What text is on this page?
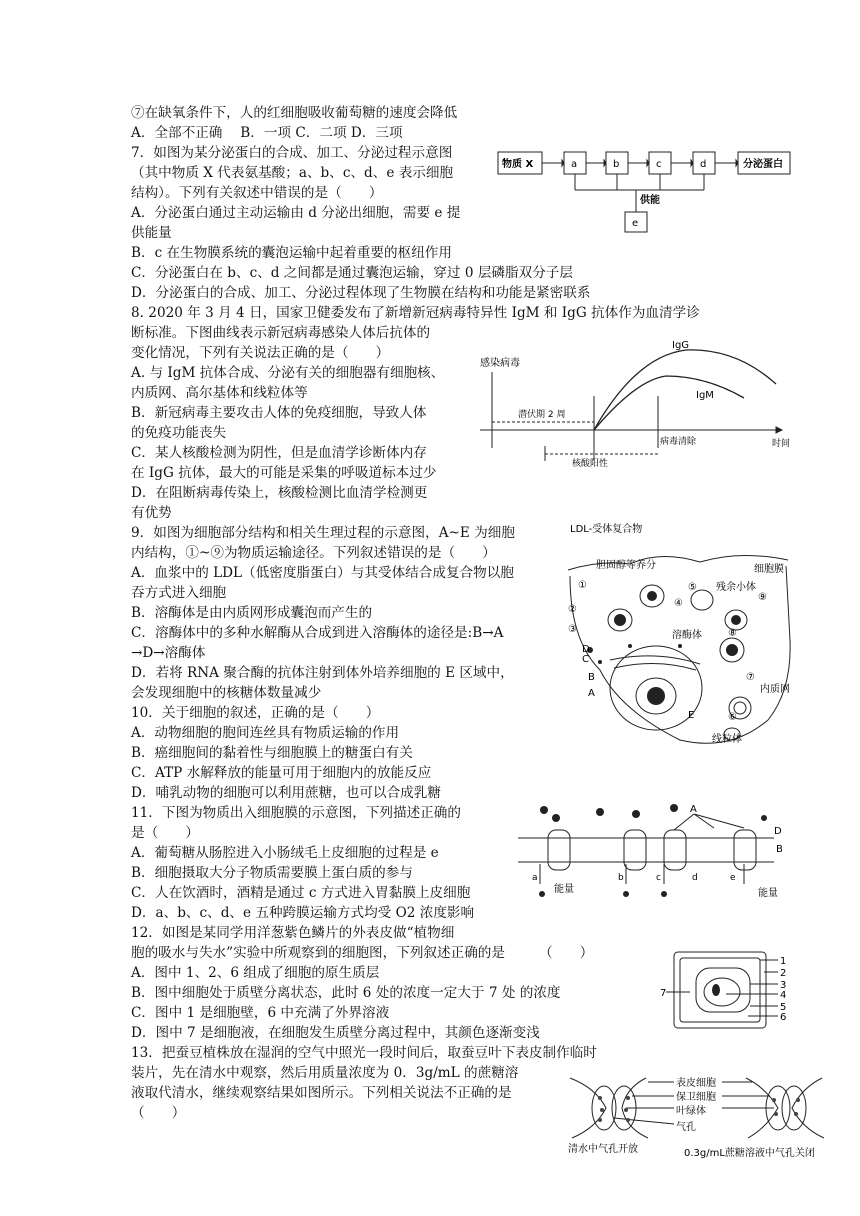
⑦在缺氧条件下，人的红细胞吸收葡萄糖的速度会降低
A．全部不正确　 B．一项 C．二项 D．三项
7．如图为某分泌蛋白的合成、加工、分泌过程示意图
（其中物质 X 代表氨基酸；a、b、c、d、e 表示细胞
结构）。下列有关叙述中错误的是（　　）
A．分泌蛋白通过主动运输由 d 分泌出细胞，需要 e 提
供能量
B．c 在生物膜系统的囊泡运输中起着重要的枢纽作用
C．分泌蛋白在 b、c、d 之间都是通过囊泡运输，穿过 0 层磷脂双分子层
D．分泌蛋白的合成、加工、分泌过程体现了生物膜在结构和功能是紧密联系
8. 2020 年 3 月 4 日，国家卫健委发布了新增新冠病毒特异性 IgM 和 IgG 抗体作为血清学诊
断标准。下图曲线表示新冠病毒感染人体后抗体的
变化情况，下列有关说法正确的是（　　）
A. 与 IgM 抗体合成、分泌有关的细胞器有细胞核、
内质网、高尔基体和线粒体等
B．新冠病毒主要攻击人体的免疫细胞，导致人体
的免疫功能丧失
C．某人核酸检测为阴性，但是血清学诊断体内存
在 IgG 抗体，最大的可能是采集的呼吸道标本过少
D．在阻断病毒传染上，核酸检测比血清学检测更
有优势
9．如图为细胞部分结构和相关生理过程的示意图，A~E 为细胞
内结构，①~⑨为物质运输途径。下列叙述错误的是（　　）
A．血浆中的 LDL（低密度脂蛋白）与其受体结合成复合物以胞
吞方式进入细胞
B．溶酶体是由内质网形成囊泡而产生的
C．溶酶体中的多种水解酶从合成到进入溶酶体的途径是:B→A
→D→溶酶体
D．若将 RNA 聚合酶的抗体注射到体外培养细胞的 E 区域中，
会发现细胞中的核糖体数量减少
10．关于细胞的叙述，正确的是（　　）
A．动物细胞的胞间连丝具有物质运输的作用
B．癌细胞间的黏着性与细胞膜上的糖蛋白有关
C．ATP 水解释放的能量可用于细胞内的放能反应
D．哺乳动物的细胞可以利用蔗糖，也可以合成乳糖
11．下图为物质出入细胞膜的示意图，下列描述正确的
是（　　）
A．葡萄糖从肠腔进入小肠绒毛上皮细胞的过程是 e
B．细胞摄取大分子物质需要膜上蛋白质的参与
C．人在饮酒时，酒精是通过 c 方式进入胃黏膜上皮细胞
D．a、b、c、d、e 五种跨膜运输方式均受 O2 浓度影响
12．如图是某同学用洋葱紫色鳞片的外表皮做“植物细
胞的吸水与失水”实验中所观察到的细胞图，下列叙述正确的是　　　（　　）
A．图中 1、2、6 组成了细胞的原生质层
B．图中细胞处于质壁分离状态，此时 6 处的浓度一定大于 7 处 的浓度
C．图中 1 是细胞壁，6 中充满了外界溶液
D．图中 7 是细胞液，在细胞发生质壁分离过程中，其颜色逐渐变浅
13．把蚕豆植株放在湿润的空气中照光一段时间后，取蚕豆叶下表皮制作临时
装片，先在清水中观察，然后用质量浓度为 0．3g/mL 的蔗糖溶
液取代清水，继续观察结果如图所示。下列相关说法不正确的是
（　　）
物质 X	a	b	c	d	分泌蛋白
供能
e
感染病毒
IgG
IgM
潜伏期 2 周
核酸阳性
病毒清除	时间
LDL-受体复合物
胆固醇等养分
残余小体
细胞膜
溶酶体
内质网
线粒体
①
②
③
④
⑤
⑥
⑦
⑧
⑨
A
B
C
D
E
A
B
D
a	b	c	d	e
能量	能量
1
2
3
4
5
6
7
表皮细胞
保卫细胞
叶绿体
气孔
清水中气孔开放	0.3g/mL蔗糖溶液中气孔关闭
